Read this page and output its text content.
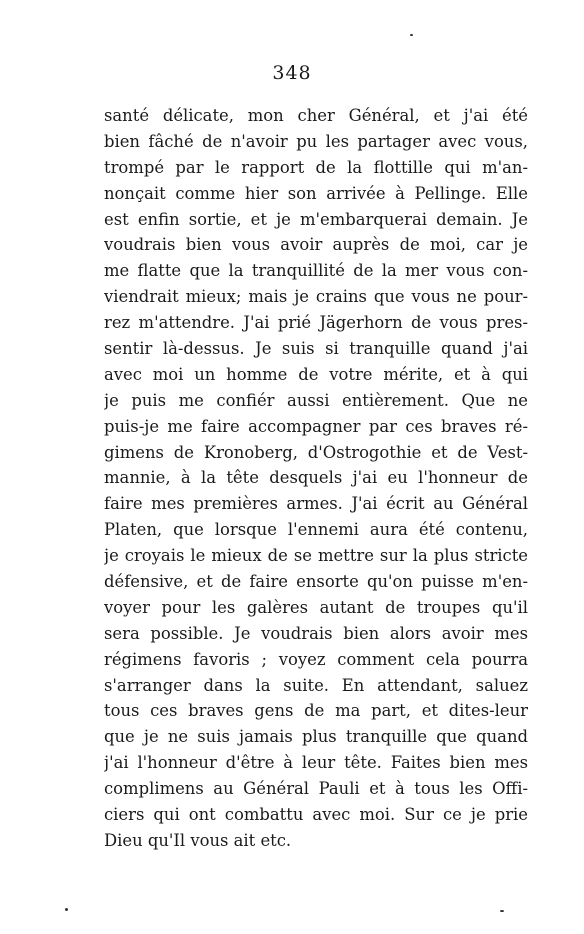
348
santé délicate, mon cher Général, et j'ai été
bien fâché de n'avoir pu les partager avec vous,
trompé par le rapport de la flottille qui m'an-
nonçait comme hier son arrivée à Pellinge. Elle
est enfin sortie, et je m'embarquerai demain. Je
voudrais bien vous avoir auprès de moi, car je
me flatte que la tranquillité de la mer vous con-
viendrait mieux; mais je crains que vous ne pour-
rez m'attendre. J'ai prié Jägerhorn de vous pres-
sentir là-dessus. Je suis si tranquille quand j'ai
avec moi un homme de votre mérite, et à qui
je puis me confiér aussi entièrement. Que ne
puis-je me faire accompagner par ces braves ré-
gimens de Kronoberg, d'Ostrogothie et de Vest-
mannie, à la tête desquels j'ai eu l'honneur de
faire mes premières armes. J'ai écrit au Général
Platen, que lorsque l'ennemi aura été contenu,
je croyais le mieux de se mettre sur la plus stricte
défensive, et de faire ensorte qu'on puisse m'en-
voyer pour les galères autant de troupes qu'il
sera possible. Je voudrais bien alors avoir mes
régimens favoris ; voyez comment cela pourra
s'arranger dans la suite. En attendant, saluez
tous ces braves gens de ma part, et dites-leur
que je ne suis jamais plus tranquille que quand
j'ai l'honneur d'être à leur tête. Faites bien mes
complimens au Général Pauli et à tous les Offi-
ciers qui ont combattu avec moi. Sur ce je prie
Dieu qu'Il vous ait etc.
